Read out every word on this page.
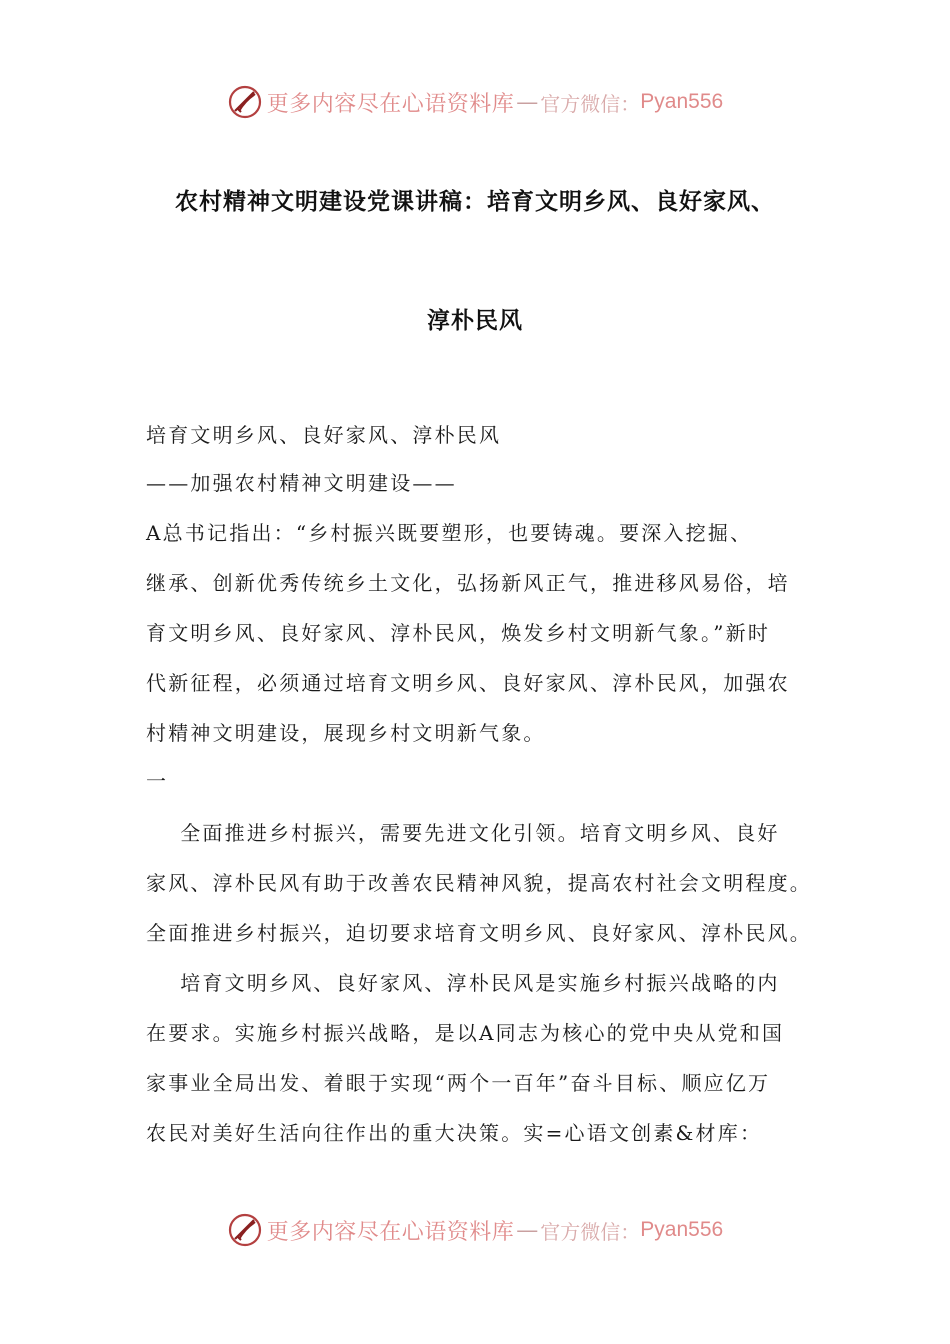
更多内容尽在心语资料库 — 官方微信： Pyan556
农村精神文明建设党课讲稿：培育文明乡风、良好家风、
淳朴民风
培育文明乡风、良好家风、淳朴民风
——加强农村精神文明建设——
A总书记指出：“乡村振兴既要塑形，也要铸魂。要深入挖掘、
继承、创新优秀传统乡土文化，弘扬新风正气，推进移风易俗，培
育文明乡风、良好家风、淳朴民风，焕发乡村文明新气象。”新时
代新征程，必须通过培育文明乡风、良好家风、淳朴民风，加强农
村精神文明建设，展现乡村文明新气象。
一
全面推进乡村振兴，需要先进文化引领。培育文明乡风、良好
家风、淳朴民风有助于改善农民精神风貌，提高农村社会文明程度。
全面推进乡村振兴，迫切要求培育文明乡风、良好家风、淳朴民风。
培育文明乡风、良好家风、淳朴民风是实施乡村振兴战略的内
在要求。实施乡村振兴战略，是以A同志为核心的党中央从党和国
家事业全局出发、着眼于实现“两个一百年”奋斗目标、顺应亿万
农民对美好生活向往作出的重大决策。实=心语文创素&材库：
更多内容尽在心语资料库 — 官方微信： Pyan556
